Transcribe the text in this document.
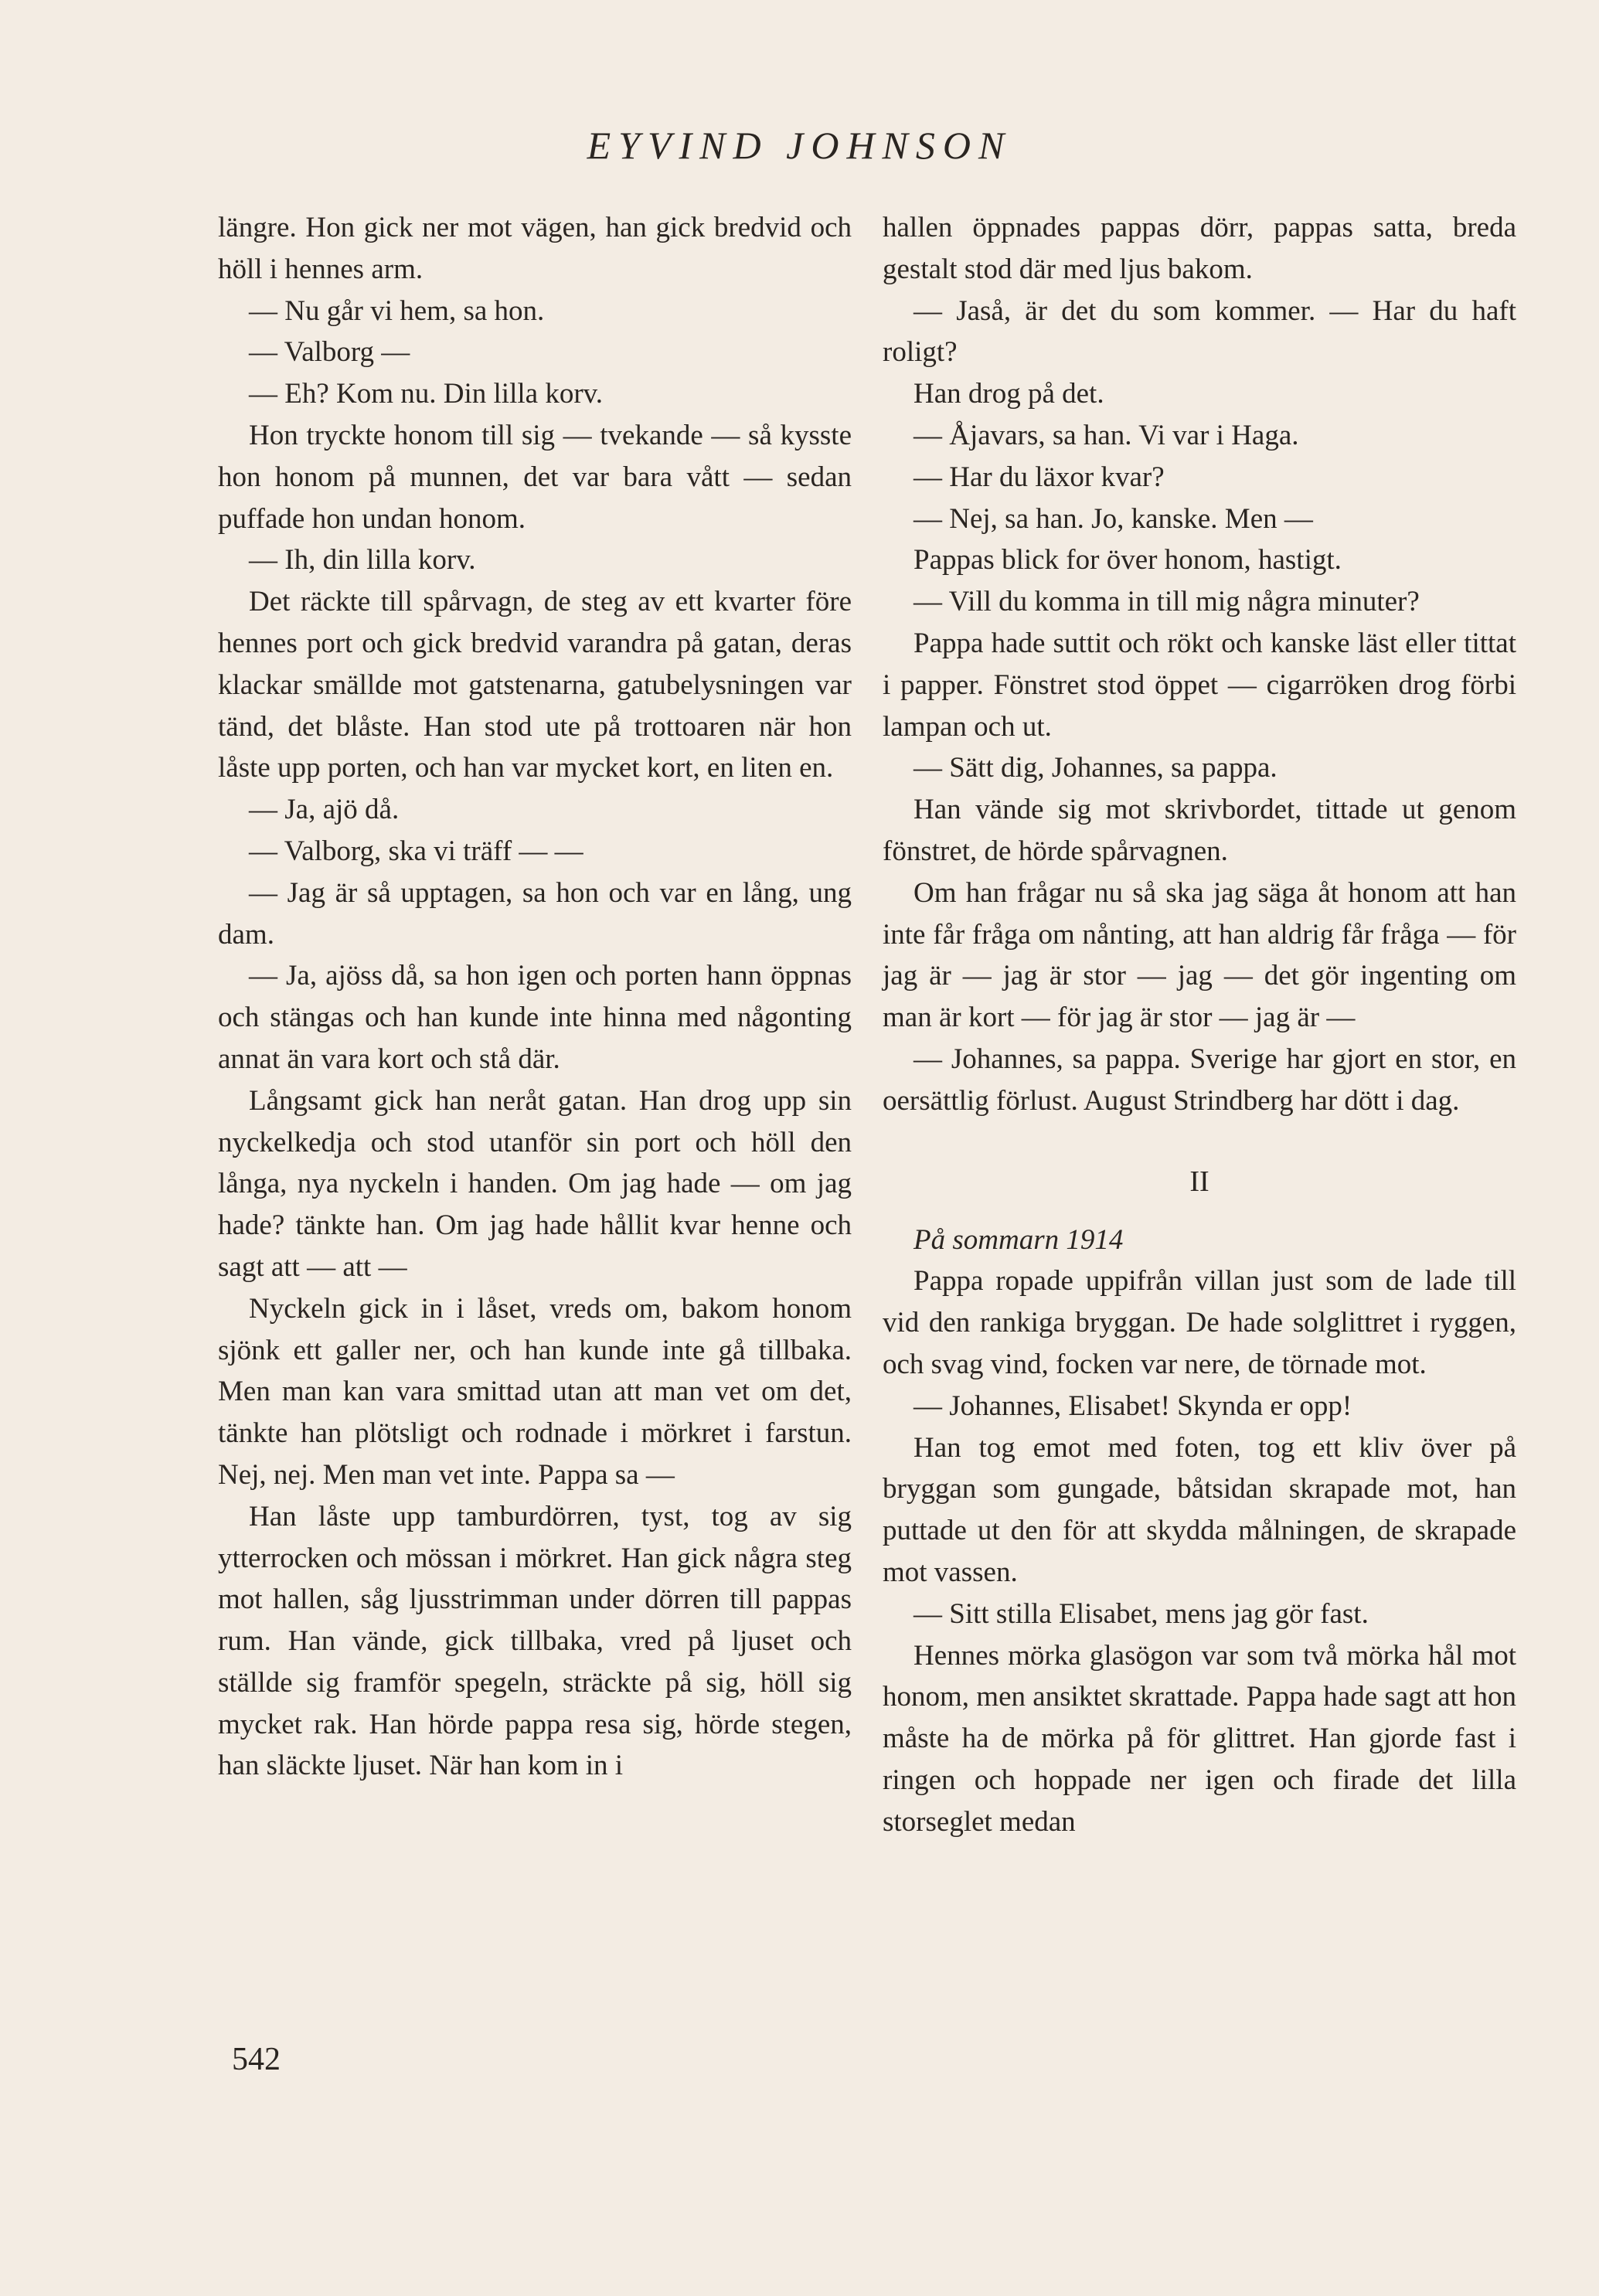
EYVIND JOHNSON

längre. Hon gick ner mot vägen, han gick bredvid och höll i hennes arm.

— Nu går vi hem, sa hon.

— Valborg —

— Eh? Kom nu. Din lilla korv.

Hon tryckte honom till sig — tvekande — så kysste hon honom på munnen, det var bara vått — sedan puffade hon undan honom.

— Ih, din lilla korv.

Det räckte till spårvagn, de steg av ett kvarter före hennes port och gick bredvid varandra på gatan, deras klackar smällde mot gatstenarna, gatubelysningen var tänd, det blåste. Han stod ute på trottoaren när hon låste upp porten, och han var mycket kort, en liten en.

— Ja, ajö då.

— Valborg, ska vi träff — —

— Jag är så upptagen, sa hon och var en lång, ung dam.

— Ja, ajöss då, sa hon igen och porten hann öppnas och stängas och han kunde inte hinna med någonting annat än vara kort och stå där.

Långsamt gick han neråt gatan. Han drog upp sin nyckelkedja och stod utanför sin port och höll den långa, nya nyckeln i handen. Om jag hade — om jag hade? tänkte han. Om jag hade hållit kvar henne och sagt att — att —

Nyckeln gick in i låset, vreds om, bakom honom sjönk ett galler ner, och han kunde inte gå tillbaka. Men man kan vara smittad utan att man vet om det, tänkte han plötsligt och rodnade i mörkret i farstun. Nej, nej. Men man vet inte. Pappa sa —

Han låste upp tamburdörren, tyst, tog av sig ytterrocken och mössan i mörkret. Han gick några steg mot hallen, såg ljusstrimman under dörren till pappas rum. Han vände, gick tillbaka, vred på ljuset och ställde sig framför spegeln, sträckte på sig, höll sig mycket rak. Han hörde pappa resa sig, hörde stegen, han släckte ljuset. När han kom in i

hallen öppnades pappas dörr, pappas satta, breda gestalt stod där med ljus bakom.

— Jaså, är det du som kommer. — Har du haft roligt?

Han drog på det.

— Åjavars, sa han. Vi var i Haga.

— Har du läxor kvar?

— Nej, sa han. Jo, kanske. Men —

Pappas blick for över honom, hastigt.

— Vill du komma in till mig några minuter?

Pappa hade suttit och rökt och kanske läst eller tittat i papper. Fönstret stod öppet — cigarröken drog förbi lampan och ut.

— Sätt dig, Johannes, sa pappa.

Han vände sig mot skrivbordet, tittade ut genom fönstret, de hörde spårvagnen.

Om han frågar nu så ska jag säga åt honom att han inte får fråga om nånting, att han aldrig får fråga — för jag är — jag är stor — jag — det gör ingenting om man är kort — för jag är stor — jag är —

— Johannes, sa pappa. Sverige har gjort en stor, en oersättlig förlust. August Strindberg har dött i dag.

II

På sommarn 1914

Pappa ropade uppifrån villan just som de lade till vid den rankiga bryggan. De hade solglittret i ryggen, och svag vind, focken var nere, de törnade mot.

— Johannes, Elisabet! Skynda er opp!

Han tog emot med foten, tog ett kliv över på bryggan som gungade, båtsidan skrapade mot, han puttade ut den för att skydda målningen, de skrapade mot vassen.

— Sitt stilla Elisabet, mens jag gör fast.

Hennes mörka glasögon var som två mörka hål mot honom, men ansiktet skrattade. Pappa hade sagt att hon måste ha de mörka på för glittret. Han gjorde fast i ringen och hoppade ner igen och firade det lilla storseglet medan

542
